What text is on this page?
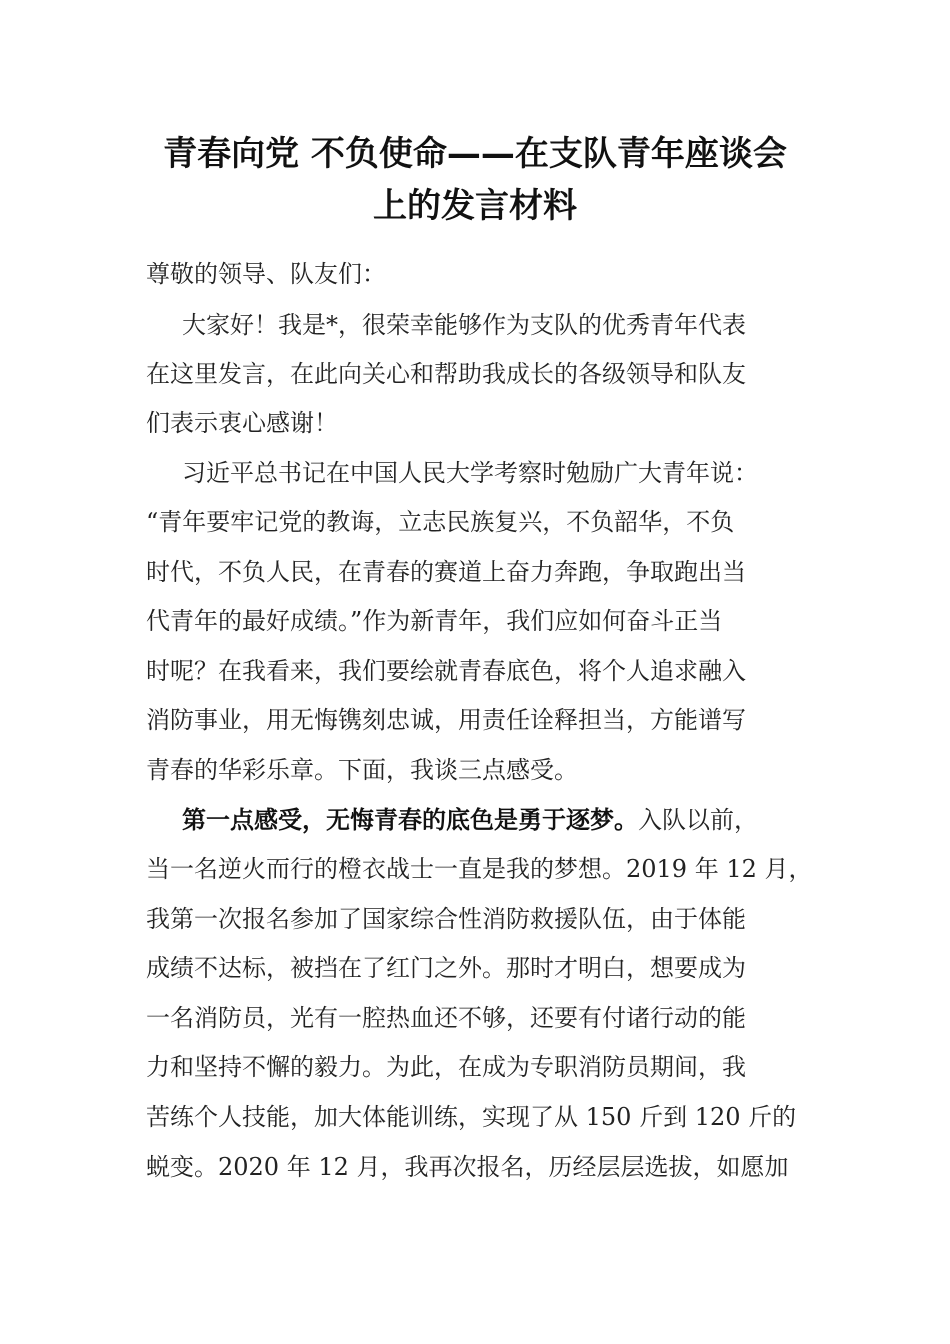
青春向党 不负使命——在支队青年座谈会
上的发言材料

尊敬的领导、队友们：

大家好！我是*，很荣幸能够作为支队的优秀青年代表

在这里发言，在此向关心和帮助我成长的各级领导和队友

们表示衷心感谢！

习近平总书记在中国人民大学考察时勉励广大青年说：

“青年要牢记党的教诲，立志民族复兴，不负韶华，不负

时代，不负人民，在青春的赛道上奋力奔跑，争取跑出当

代青年的最好成绩。”作为新青年，我们应如何奋斗正当

时呢？在我看来，我们要绘就青春底色，将个人追求融入

消防事业，用无悔镌刻忠诚，用责任诠释担当，方能谱写

青春的华彩乐章。下面，我谈三点感受。

第一点感受，无悔青春的底色是勇于逐梦。入队以前，

当一名逆火而行的橙衣战士一直是我的梦想。2019 年 12 月，

我第一次报名参加了国家综合性消防救援队伍，由于体能

成绩不达标，被挡在了红门之外。那时才明白，想要成为

一名消防员，光有一腔热血还不够，还要有付诸行动的能

力和坚持不懈的毅力。为此，在成为专职消防员期间，我

苦练个人技能，加大体能训练，实现了从 150 斤到 120 斤的

蜕变。2020 年 12 月，我再次报名，历经层层选拔，如愿加
